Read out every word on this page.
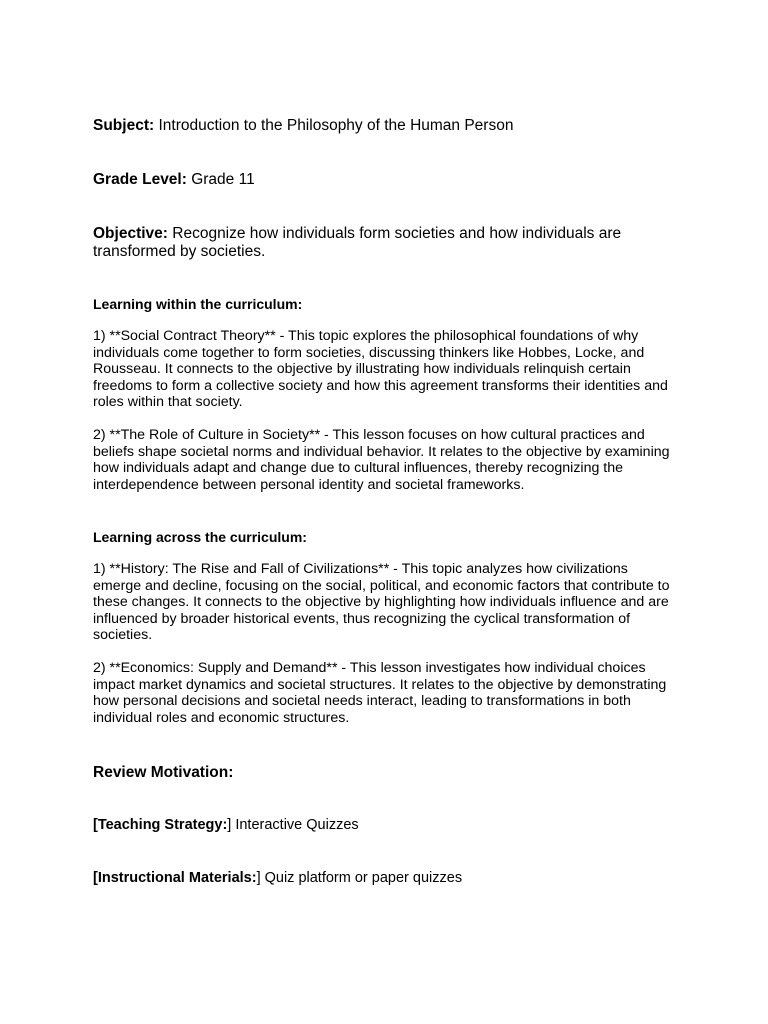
Subject: Introduction to the Philosophy of the Human Person
Grade Level: Grade 11
Objective: Recognize how individuals form societies and how individuals are transformed by societies.
Learning within the curriculum:
1) **Social Contract Theory** - This topic explores the philosophical foundations of why individuals come together to form societies, discussing thinkers like Hobbes, Locke, and Rousseau. It connects to the objective by illustrating how individuals relinquish certain freedoms to form a collective society and how this agreement transforms their identities and roles within that society.
2) **The Role of Culture in Society** - This lesson focuses on how cultural practices and beliefs shape societal norms and individual behavior. It relates to the objective by examining how individuals adapt and change due to cultural influences, thereby recognizing the interdependence between personal identity and societal frameworks.
Learning across the curriculum:
1) **History: The Rise and Fall of Civilizations** - This topic analyzes how civilizations emerge and decline, focusing on the social, political, and economic factors that contribute to these changes. It connects to the objective by highlighting how individuals influence and are influenced by broader historical events, thus recognizing the cyclical transformation of societies.
2) **Economics: Supply and Demand** - This lesson investigates how individual choices impact market dynamics and societal structures. It relates to the objective by demonstrating how personal decisions and societal needs interact, leading to transformations in both individual roles and economic structures.
Review Motivation:
[Teaching Strategy:] Interactive Quizzes
[Instructional Materials:] Quiz platform or paper quizzes
